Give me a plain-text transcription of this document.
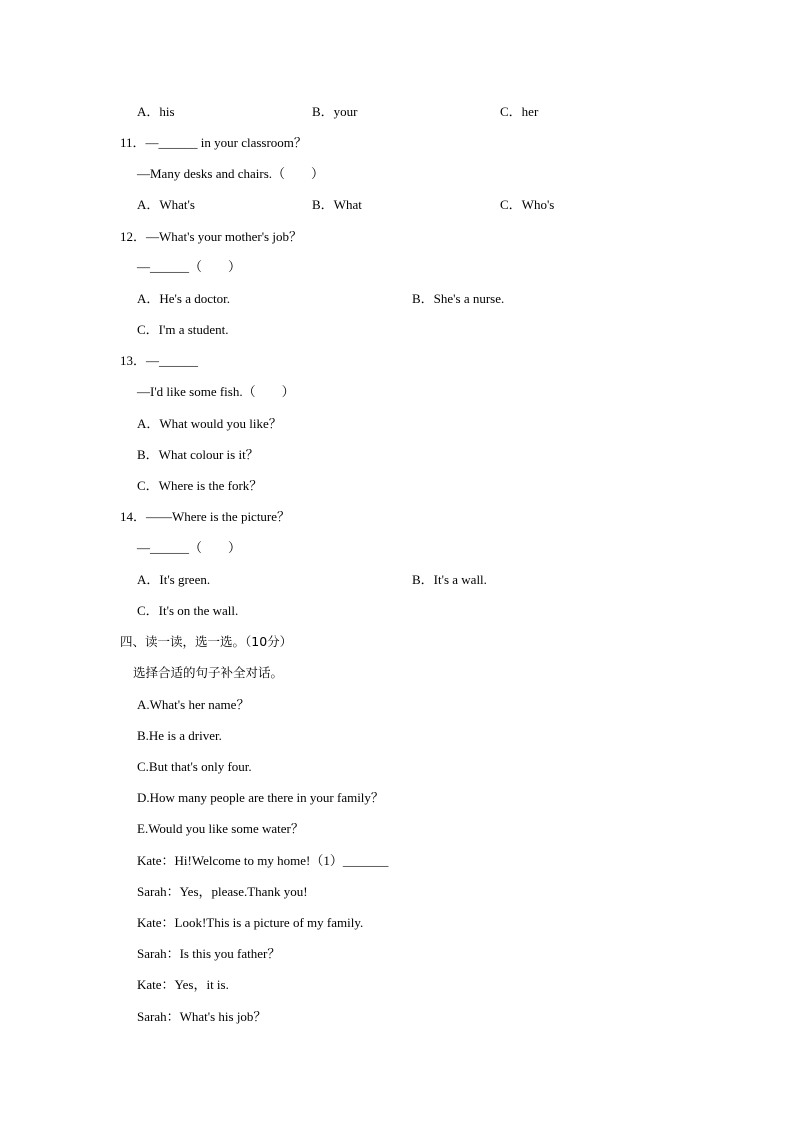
A．his	B．your	C．her
11．—______ in your classroom？
—Many desks and chairs.（　　）
A．What's	B．What	C．Who's
12．—What's your mother's job？
—______（　　）
A．He's a doctor.	B．She's a nurse.
C．I'm a student.
13．—______
—I'd like some fish.（　　）
A．What would you like？
B．What colour is it？
C．Where is the fork？
14．——Where is the picture？
—______（　　）
A．It's green.	B．It's a wall.
C．It's on the wall.
四、读一读，选一选。（10分）
选择合适的句子补全对话。
A.What's her name？
B.He is a driver.
C.But that's only four.
D.How many people are there in your family？
E.Would you like some water？
Kate：Hi!Welcome to my home!（1）_______
Sarah：Yes，please.Thank you!
Kate：Look!This is a picture of my family.
Sarah：Is this you father？
Kate：Yes，it is.
Sarah：What's his job？
